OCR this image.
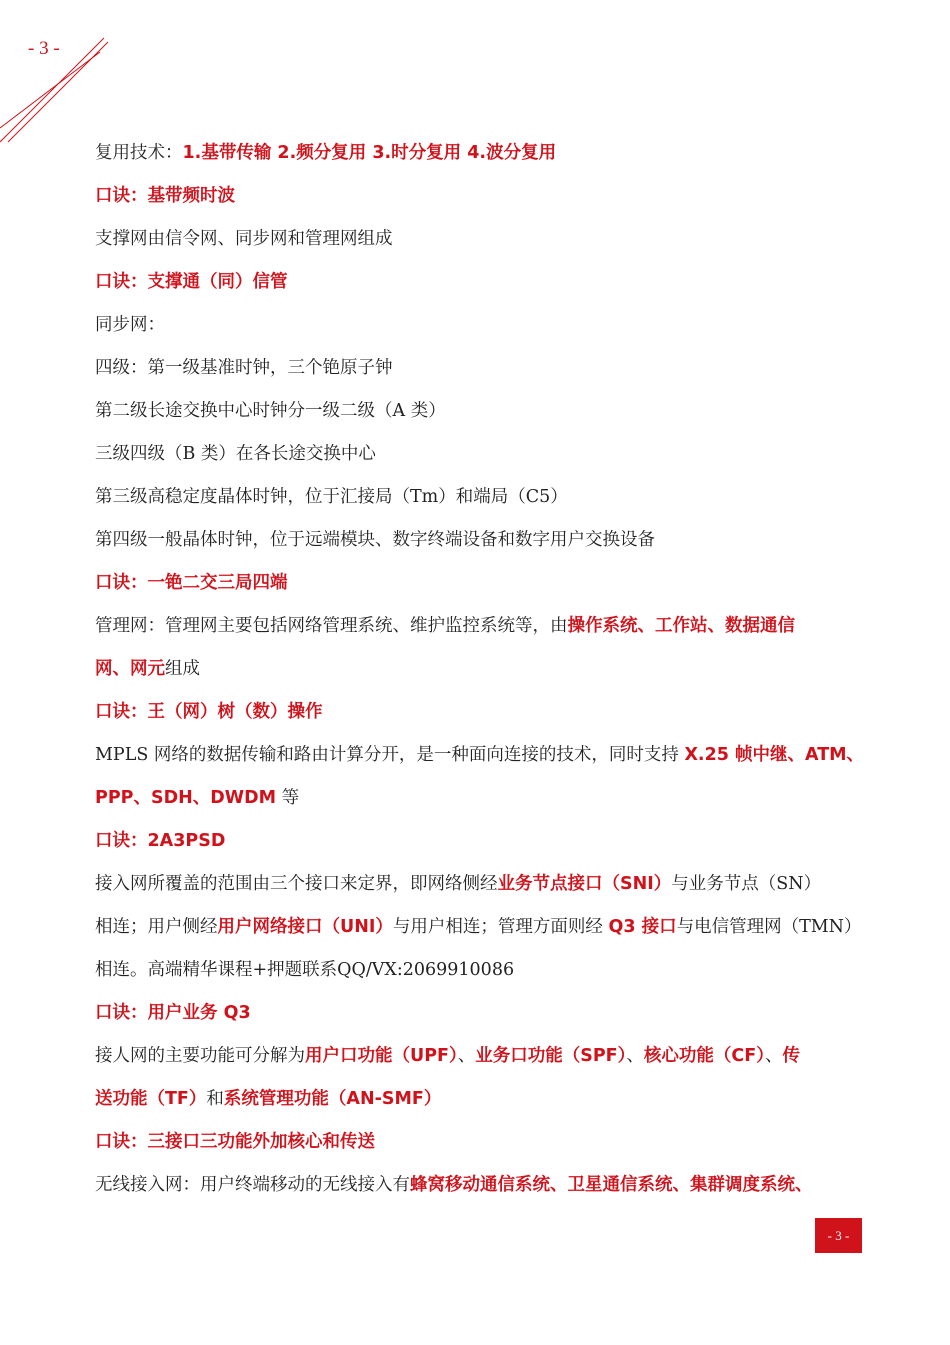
- 3 -
复用技术：1.基带传输 2.频分复用 3.时分复用 4.波分复用
口诀：基带频时波
支撑网由信令网、同步网和管理网组成
口诀：支撑通（同）信管
同步网：
四级：第一级基准时钟，三个铯原子钟
第二级长途交换中心时钟分一级二级（A 类）
三级四级（B 类）在各长途交换中心
第三级高稳定度晶体时钟，位于汇接局（Tm）和端局（C5）
第四级一般晶体时钟，位于远端模块、数字终端设备和数字用户交换设备
口诀：一铯二交三局四端
管理网：管理网主要包括网络管理系统、维护监控系统等，由操作系统、工作站、数据通信
网、网元组成
口诀：王（网）树（数）操作
MPLS 网络的数据传输和路由计算分开，是一种面向连接的技术，同时支持 X.25 帧中继、ATM、
PPP、SDH、DWDM 等
口诀：2A3PSD
接入网所覆盖的范围由三个接口来定界，即网络侧经业务节点接口（SNI）与业务节点（SN）
相连；用户侧经用户网络接口（UNI）与用户相连；管理方面则经 Q3 接口与电信管理网（TMN）
相连。高端精华课程+押题联系QQ/VX:2069910086
口诀：用户业务 Q3
接人网的主要功能可分解为用户口功能（UPF）、业务口功能（SPF）、核心功能（CF）、传
送功能（TF）和系统管理功能（AN-SMF）
口诀：三接口三功能外加核心和传送
无线接入网：用户终端移动的无线接入有蜂窝移动通信系统、卫星通信系统、集群调度系统、
- 3 -
